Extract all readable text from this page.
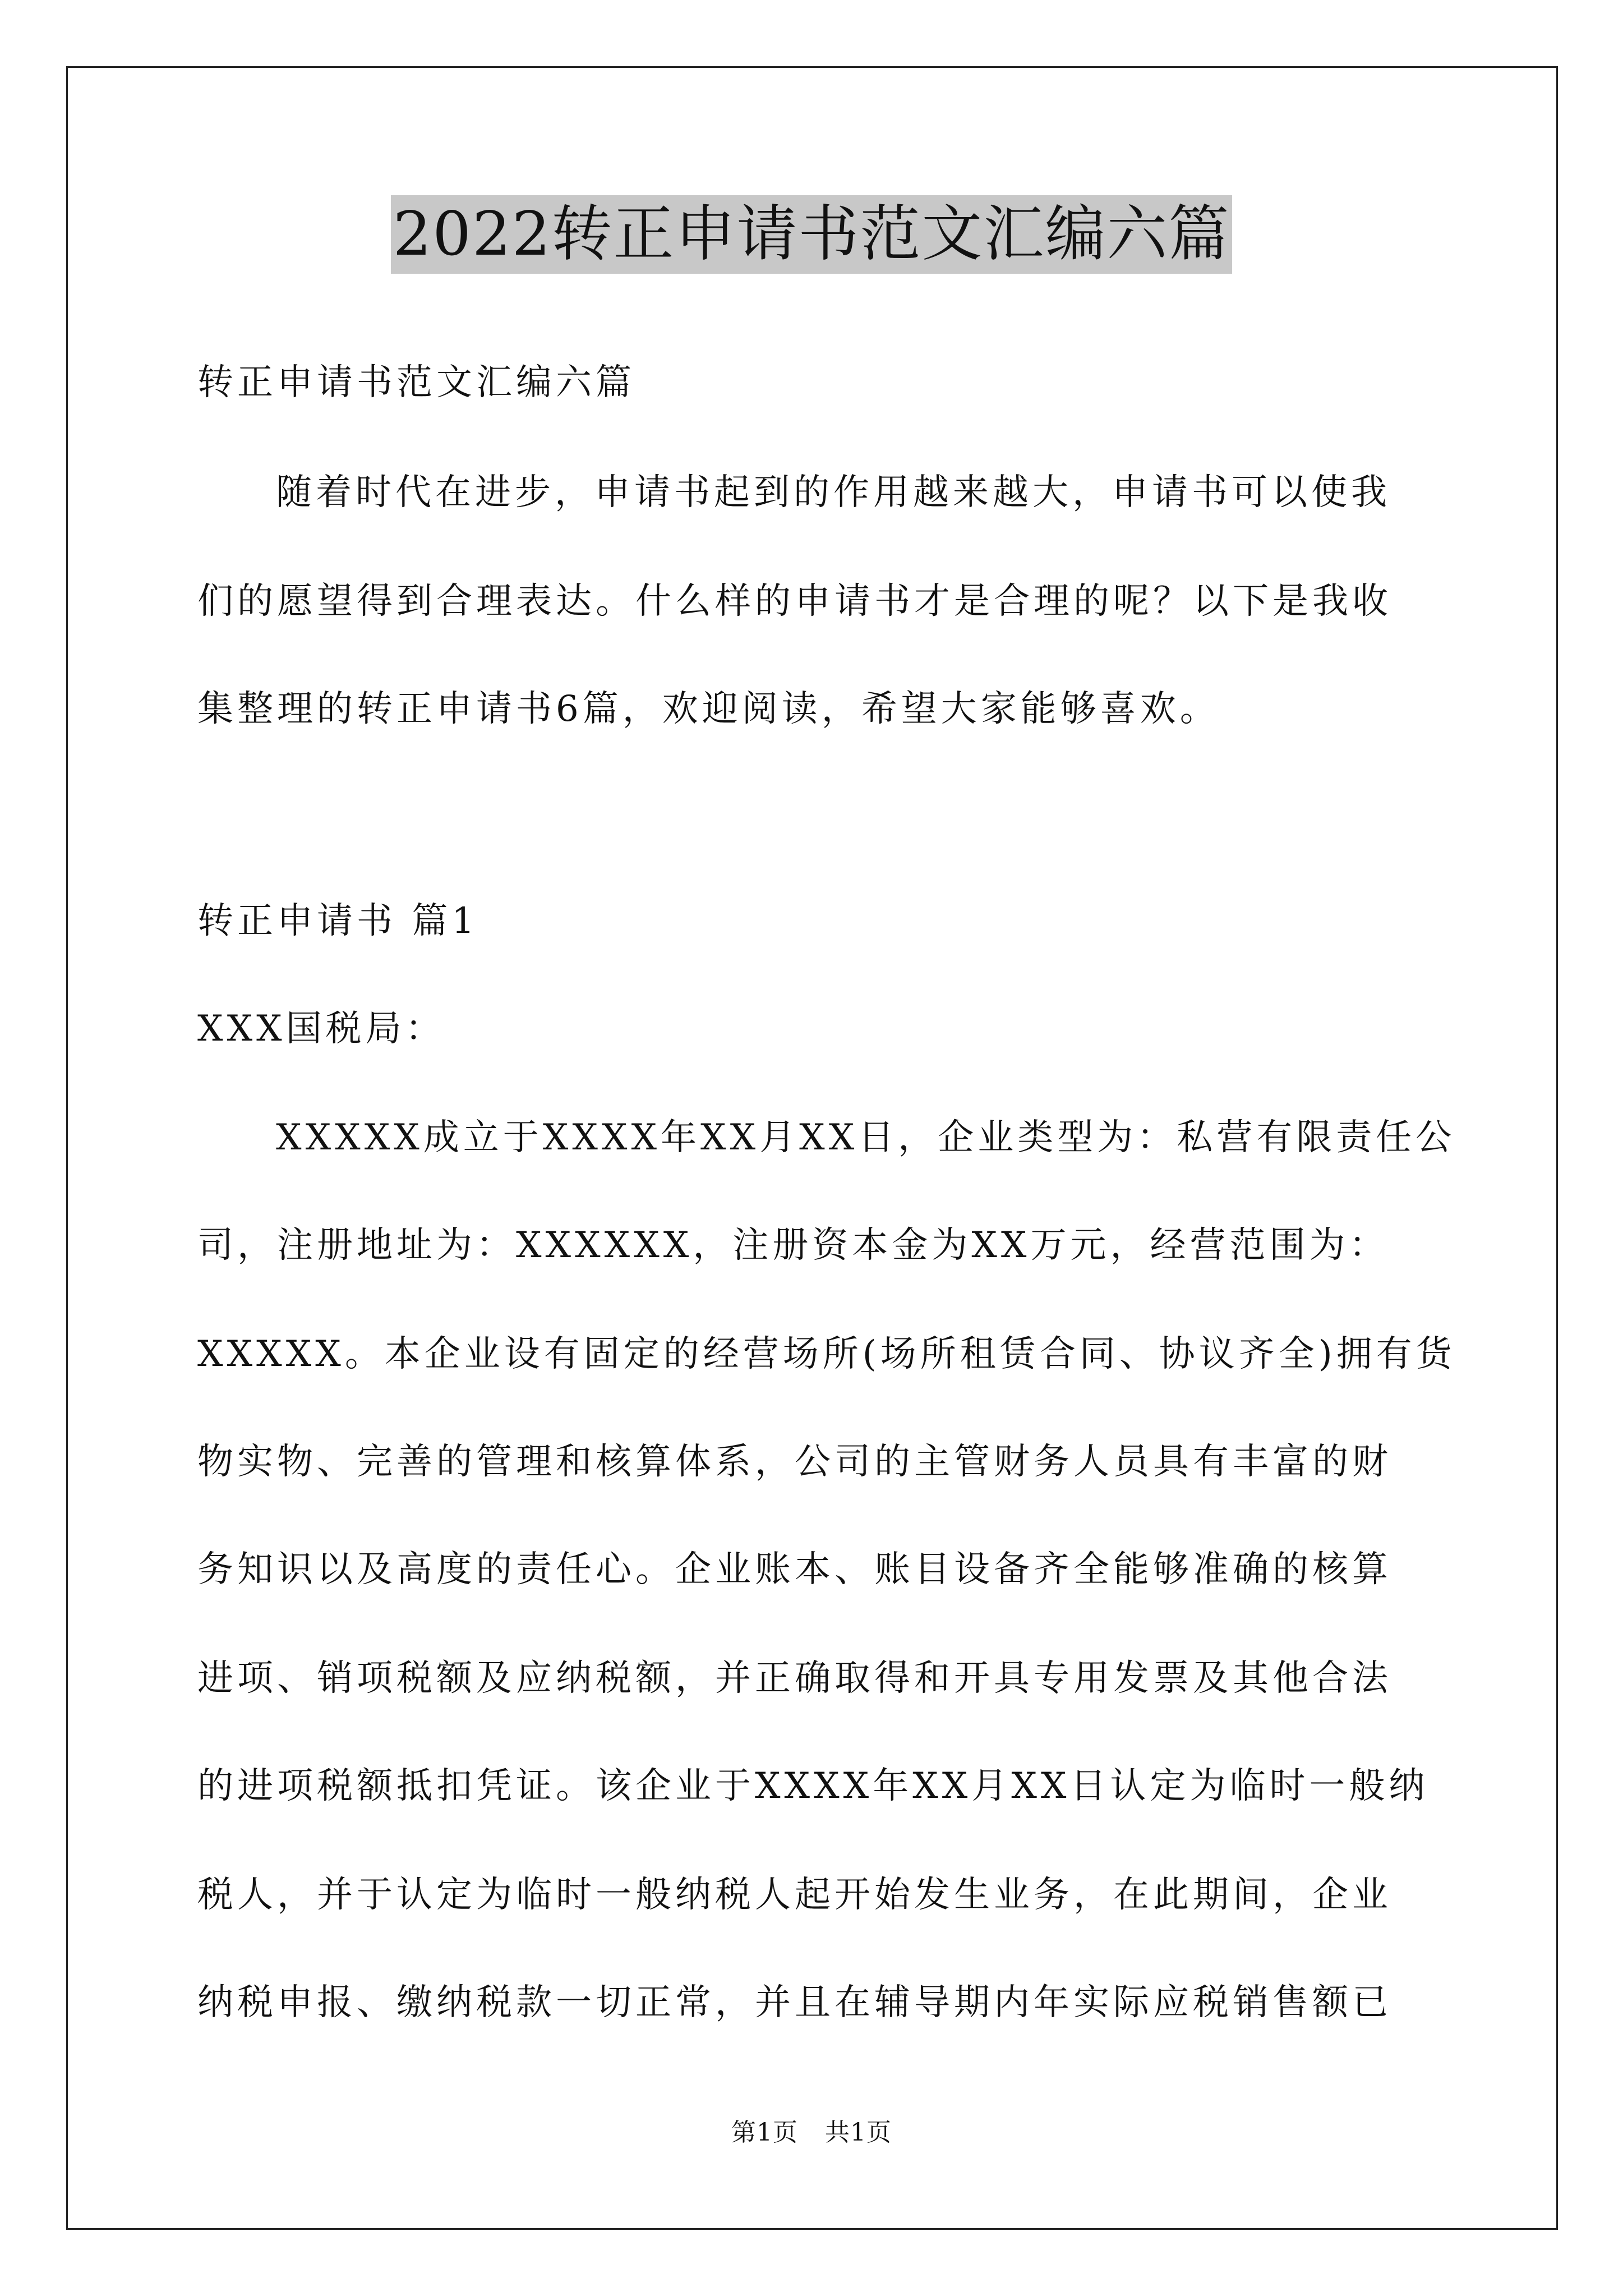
2022转正申请书范文汇编六篇
转正申请书范文汇编六篇
随着时代在进步，申请书起到的作用越来越大，申请书可以使我
们的愿望得到合理表达。什么样的申请书才是合理的呢？以下是我收
集整理的转正申请书6篇，欢迎阅读，希望大家能够喜欢。
转正申请书 篇1
XXX国税局：
XXXXX成立于XXXX年XX月XX日，企业类型为：私营有限责任公
司，注册地址为：XXXXXX，注册资本金为XX万元，经营范围为：
XXXXX。本企业设有固定的经营场所(场所租赁合同、协议齐全)拥有货
物实物、完善的管理和核算体系，公司的主管财务人员具有丰富的财
务知识以及高度的责任心。企业账本、账目设备齐全能够准确的核算
进项、销项税额及应纳税额，并正确取得和开具专用发票及其他合法
的进项税额抵扣凭证。该企业于XXXX年XX月XX日认定为临时一般纳
税人，并于认定为临时一般纳税人起开始发生业务，在此期间，企业
纳税申报、缴纳税款一切正常，并且在辅导期内年实际应税销售额已
第1页 共1页
